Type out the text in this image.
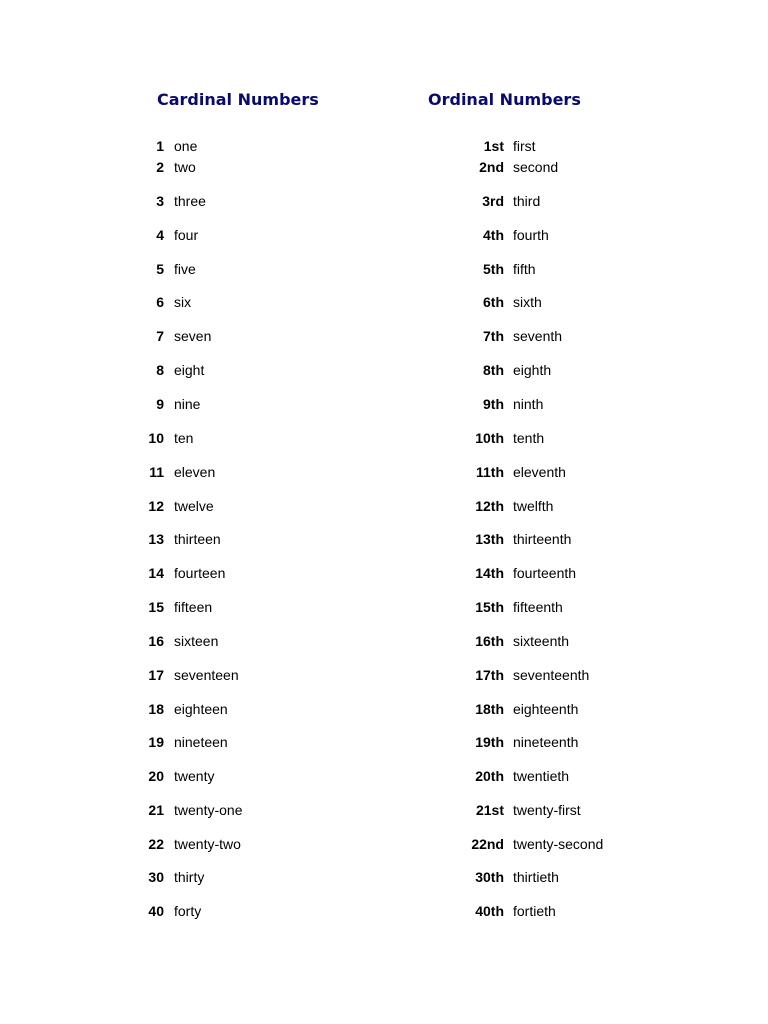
Cardinal Numbers	Ordinal Numbers
1 one	1st first
2 two	2nd second
3 three	3rd third
4 four	4th fourth
5 five	5th fifth
6 six	6th sixth
7 seven	7th seventh
8 eight	8th eighth
9 nine	9th ninth
10 ten	10th tenth
11 eleven	11th eleventh
12 twelve	12th twelfth
13 thirteen	13th thirteenth
14 fourteen	14th fourteenth
15 fifteen	15th fifteenth
16 sixteen	16th sixteenth
17 seventeen	17th seventeenth
18 eighteen	18th eighteenth
19 nineteen	19th nineteenth
20 twenty	20th twentieth
21 twenty-one	21st twenty-first
22 twenty-two	22nd twenty-second
30 thirty	30th thirtieth
40 forty	40th fortieth
